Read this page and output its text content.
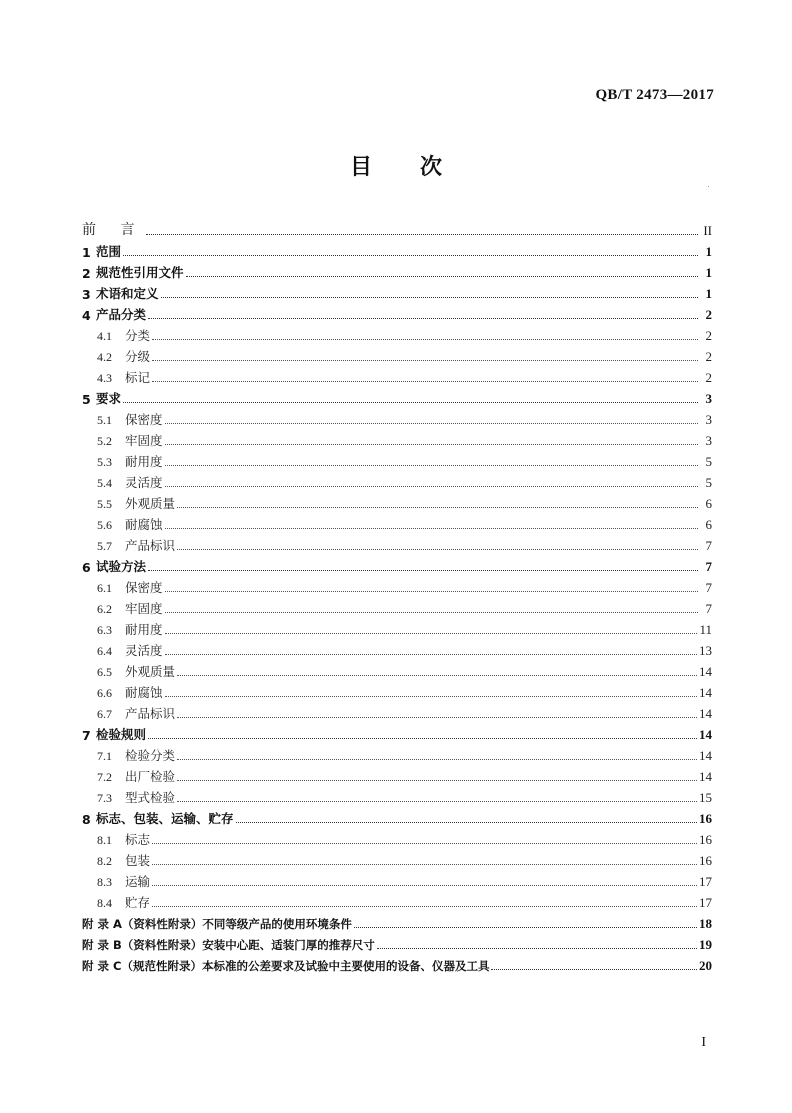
QB/T 2473—2017
目 次
前 言	II
1 范围	1
2 规范性引用文件	1
3 术语和定义	1
4 产品分类	2
4.1	分类	2
4.2	分级	2
4.3	标记	2
5 要求	3
5.1	保密度	3
5.2	牢固度	3
5.3	耐用度	5
5.4	灵活度	5
5.5	外观质量	6
5.6	耐腐蚀	6
5.7	产品标识	7
6 试验方法	7
6.1	保密度	7
6.2	牢固度	7
6.3	耐用度	11
6.4	灵活度	13
6.5	外观质量	14
6.6	耐腐蚀	14
6.7	产品标识	14
7 检验规则	14
7.1	检验分类	14
7.2	出厂检验	14
7.3	型式检验	15
8 标志、包装、运输、贮存	16
8.1	标志	16
8.2	包装	16
8.3	运输	17
8.4	贮存	17
附 录 A（资料性附录）不同等级产品的使用环境条件	18
附 录 B（资料性附录）安装中心距、适装门厚的推荐尺寸	19
附 录 C（规范性附录）本标准的公差要求及试验中主要使用的设备、仪器及工具	20
I
